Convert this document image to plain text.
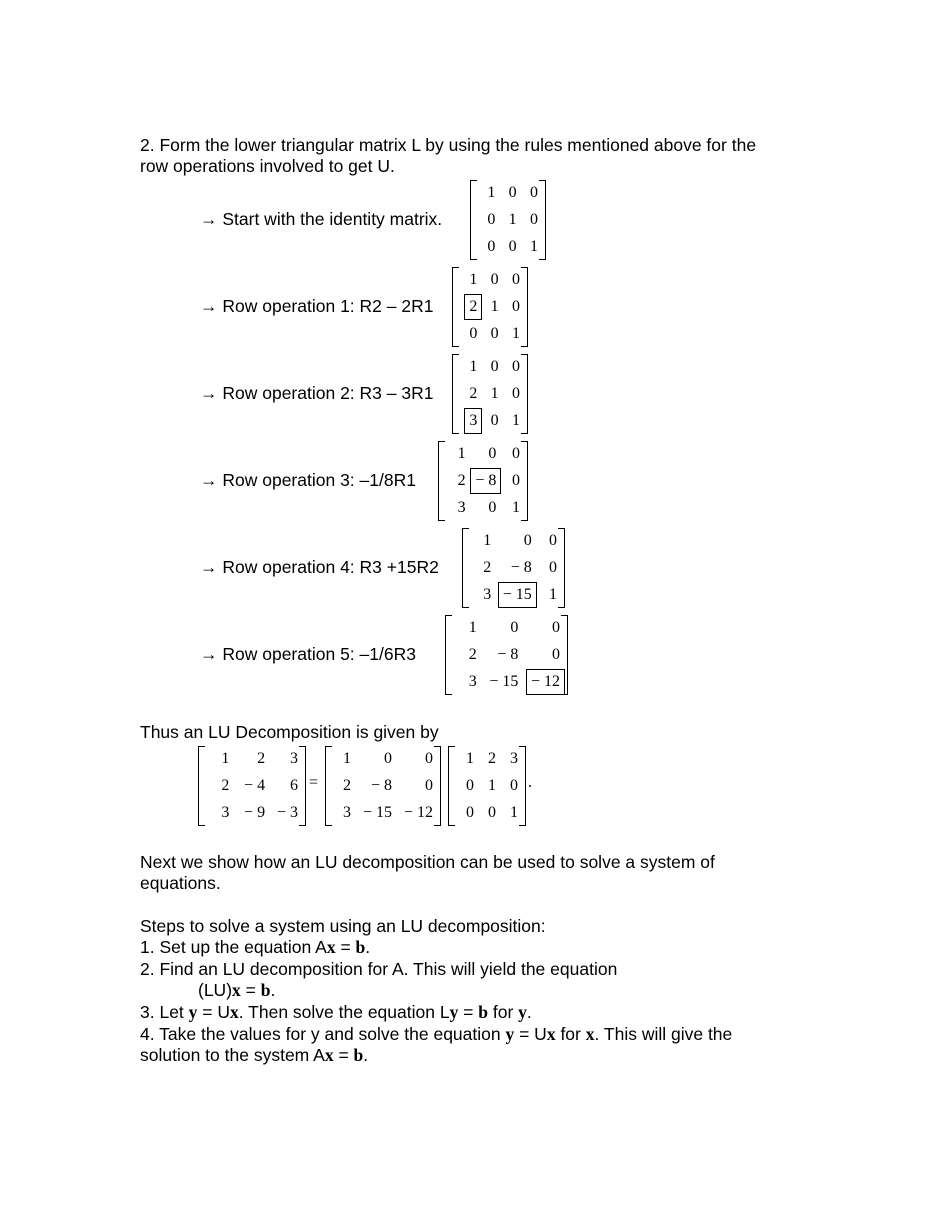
2. Form the lower triangular matrix L by using the rules mentioned above for the
row operations involved to get U.
→ Start with the identity matrix.
1 0 0
0 1 0
0 0 1
→ Row operation 1: R2 – 2R1
1 0 0
2 1 0
0 0 1
→ Row operation 2: R3 – 3R1
1 0 0
2 1 0
3 0 1
→ Row operation 3: –1/8R1
1	0 0
2 − 8 0
3	0 1
→ Row operation 4: R3 +15R2
1	0	0
2	− 8	0
3 − 15	1
→ Row operation 5: –1/6R3
1	0	0
2	− 8	0
3 − 15 − 12
Thus an LU Decomposition is given by
1	2	3
2 − 4	6
3 − 9 − 3
1	0	0
2	− 8	0
3 − 15 − 12
1 2 3
0 1 0
0 0 1
=	.
Next we show how an LU decomposition can be used to solve a system of
equations.
Steps to solve a system using an LU decomposition:
1. Set up the equation Ax = b.
2. Find an LU decomposition for A. This will yield the equation
(LU)x = b.
3. Let y = Ux. Then solve the equation Ly = b for y.
4. Take the values for y and solve the equation y = Ux for x. This will give the
solution to the system Ax = b.
